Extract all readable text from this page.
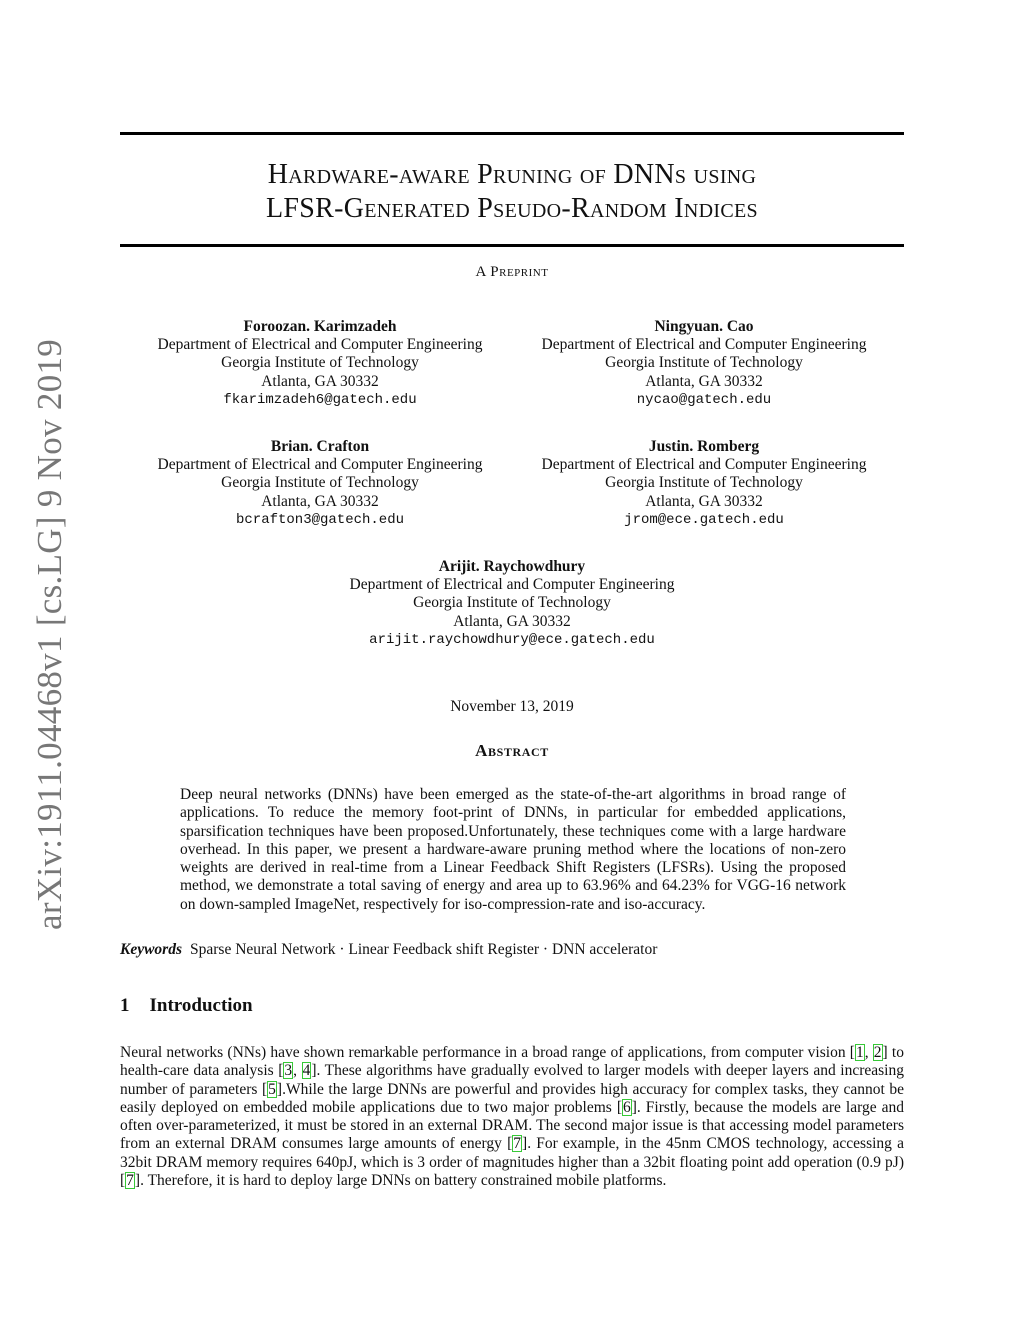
arXiv:1911.04468v1 [cs.LG] 9 Nov 2019
Hardware-aware Pruning of DNNs using
LFSR-Generated Pseudo-Random Indices
A Preprint
Foroozan. Karimzadeh
Department of Electrical and Computer Engineering
Georgia Institute of Technology
Atlanta, GA 30332
fkarimzadeh6@gatech.edu
Ningyuan. Cao
Department of Electrical and Computer Engineering
Georgia Institute of Technology
Atlanta, GA 30332
nycao@gatech.edu
Brian. Crafton
Department of Electrical and Computer Engineering
Georgia Institute of Technology
Atlanta, GA 30332
bcrafton3@gatech.edu
Justin. Romberg
Department of Electrical and Computer Engineering
Georgia Institute of Technology
Atlanta, GA 30332
jrom@ece.gatech.edu
Arijit. Raychowdhury
Department of Electrical and Computer Engineering
Georgia Institute of Technology
Atlanta, GA 30332
arijit.raychowdhury@ece.gatech.edu
November 13, 2019
Abstract
Deep neural networks (DNNs) have been emerged as the state-of-the-art algorithms in broad range of applications. To reduce the memory foot-print of DNNs, in particular for embedded applications, sparsification techniques have been proposed.Unfortunately, these techniques come with a large hardware overhead. In this paper, we present a hardware-aware pruning method where the locations of non-zero weights are derived in real-time from a Linear Feedback Shift Registers (LFSRs). Using the proposed method, we demonstrate a total saving of energy and area up to 63.96% and 64.23% for VGG-16 network on down-sampled ImageNet, respectively for iso-compression-rate and iso-accuracy.
Keywords Sparse Neural Network · Linear Feedback shift Register · DNN accelerator
1 Introduction
Neural networks (NNs) have shown remarkable performance in a broad range of applications, from computer vision [1, 2] to health-care data analysis [3, 4]. These algorithms have gradually evolved to larger models with deeper layers and increasing number of parameters [5].While the large DNNs are powerful and provides high accuracy for complex tasks, they cannot be easily deployed on embedded mobile applications due to two major problems [6]. Firstly, because the models are large and often over-parameterized, it must be stored in an external DRAM. The second major issue is that accessing model parameters from an external DRAM consumes large amounts of energy [7]. For example, in the 45nm CMOS technology, accessing a 32bit DRAM memory requires 640pJ, which is 3 order of magnitudes higher than a 32bit floating point add operation (0.9 pJ) [7]. Therefore, it is hard to deploy large DNNs on battery constrained mobile platforms.
